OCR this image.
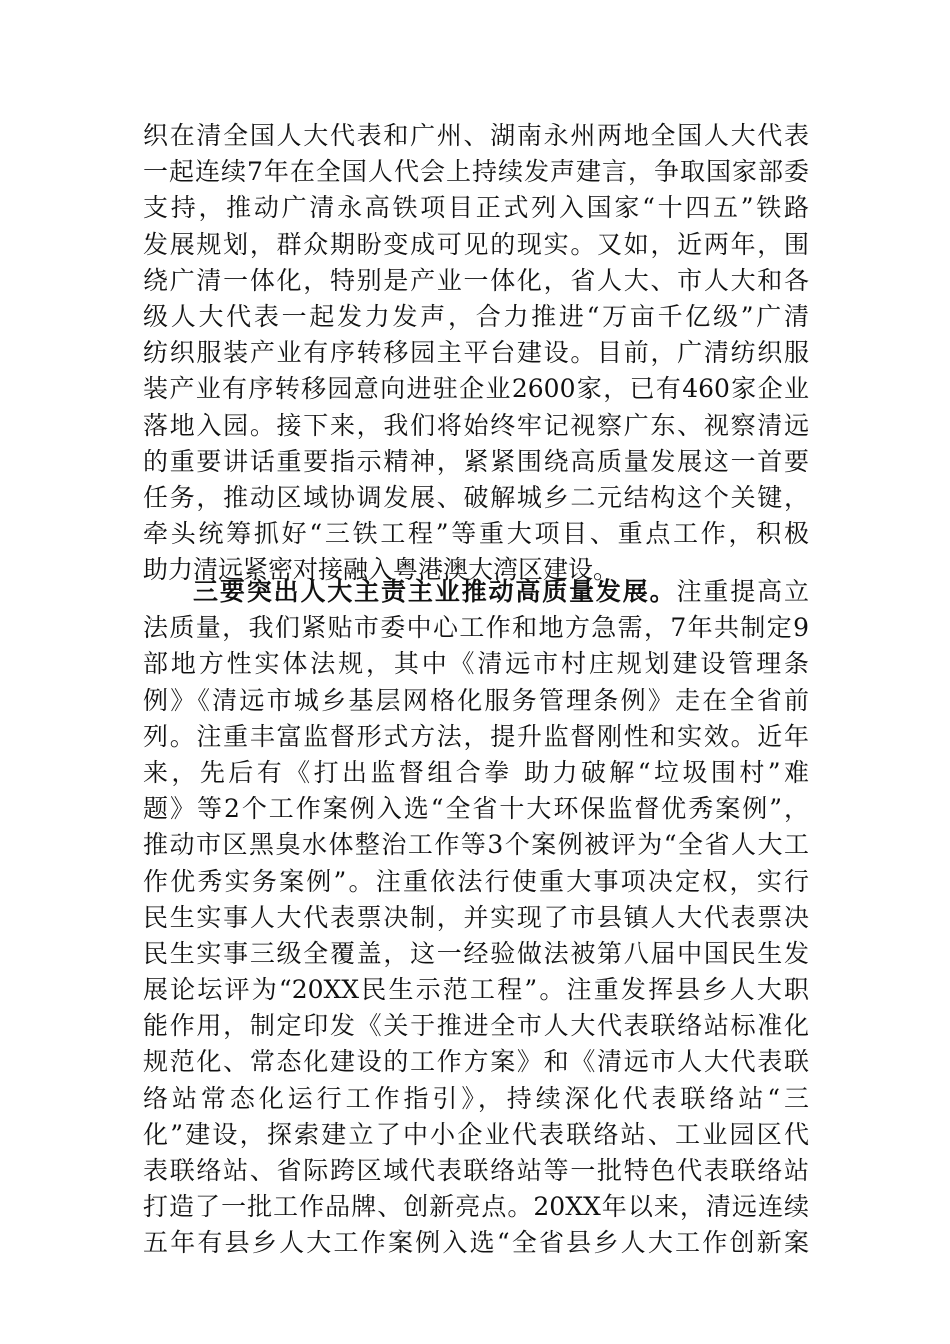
织在清全国人大代表和广州、湖南永州两地全国人大代表
一起连续7年在全国人代会上持续发声建言，争取国家部委
支持，推动广清永高铁项目正式列入国家“十四五”铁路
发展规划，群众期盼变成可见的现实。又如，近两年，围
绕广清一体化，特别是产业一体化，省人大、市人大和各
级人大代表一起发力发声，合力推进“万亩千亿级”广清
纺织服装产业有序转移园主平台建设。目前，广清纺织服
装产业有序转移园意向进驻企业2600家，已有460家企业
落地入园。接下来，我们将始终牢记视察广东、视察清远
的重要讲话重要指示精神，紧紧围绕高质量发展这一首要
任务，推动区域协调发展、破解城乡二元结构这个关键，
牵头统筹抓好“三铁工程”等重大项目、重点工作，积极
助力清远紧密对接融入粤港澳大湾区建设。
三要突出人大主责主业推动高质量发展。注重提高立
法质量，我们紧贴市委中心工作和地方急需，7年共制定9
部地方性实体法规，其中《清远市村庄规划建设管理条
例》《清远市城乡基层网格化服务管理条例》走在全省前
列。注重丰富监督形式方法，提升监督刚性和实效。近年
来，先后有《打出监督组合拳 助力破解“垃圾围村”难
题》等2个工作案例入选“全省十大环保监督优秀案例”，
推动市区黑臭水体整治工作等3个案例被评为“全省人大工
作优秀实务案例”。注重依法行使重大事项决定权，实行
民生实事人大代表票决制，并实现了市县镇人大代表票决
民生实事三级全覆盖，这一经验做法被第八届中国民生发
展论坛评为“20XX民生示范工程”。注重发挥县乡人大职
能作用，制定印发《关于推进全市人大代表联络站标准化
规范化、常态化建设的工作方案》和《清远市人大代表联
络站常态化运行工作指引》，持续深化代表联络站“三
化”建设，探索建立了中小企业代表联络站、工业园区代
表联络站、省际跨区域代表联络站等一批特色代表联络站
打造了一批工作品牌、创新亮点。20XX年以来，清远连续
五年有县乡人大工作案例入选“全省县乡人大工作创新案
